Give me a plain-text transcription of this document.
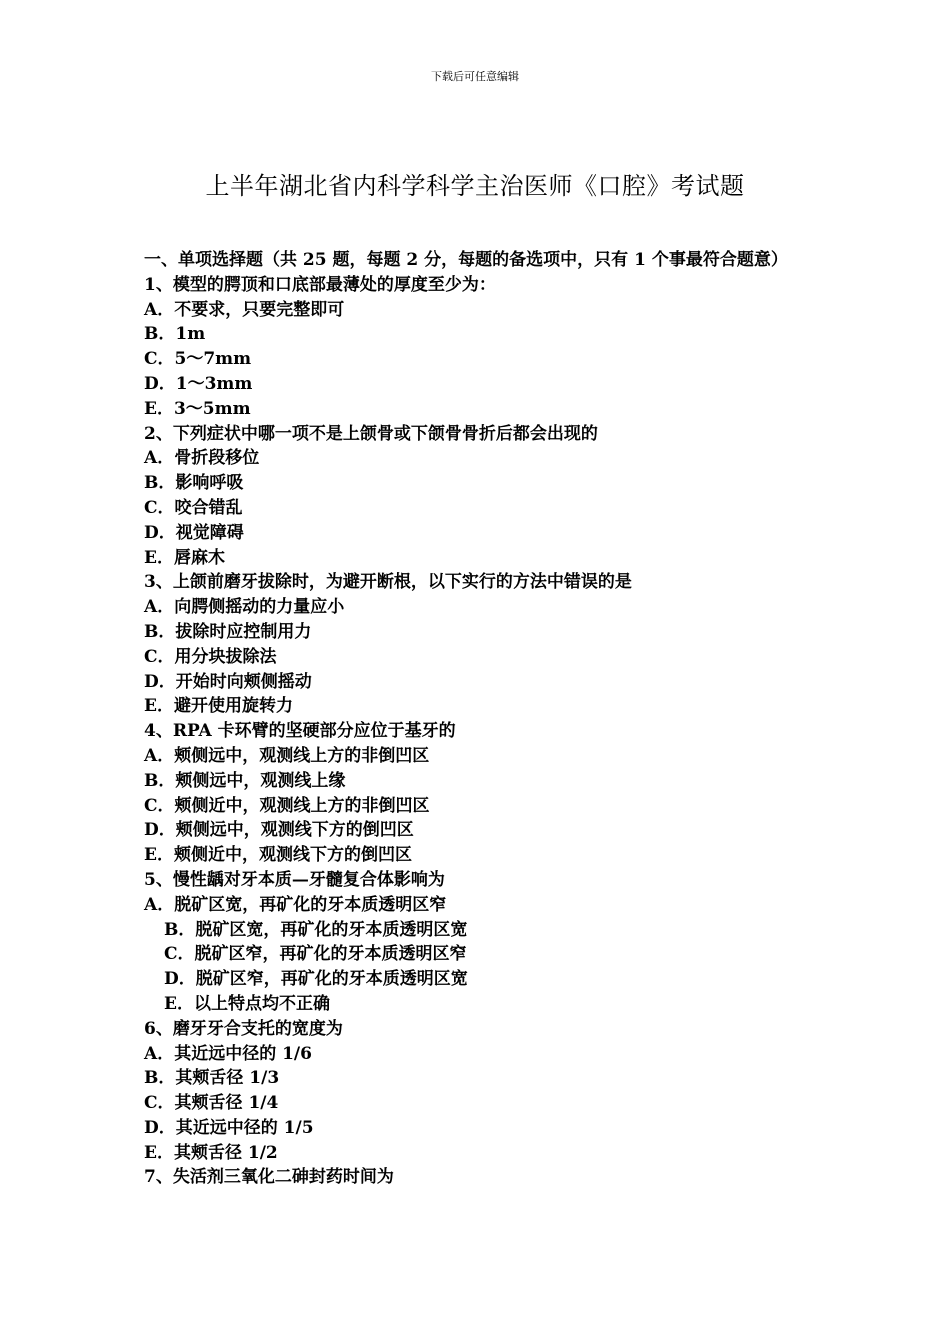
下载后可任意编辑
上半年湖北省内科学科学主治医师《口腔》考试题

一、单项选择题（共 25 题，每题 2 分，每题的备选项中，只有 1 个事最符合题意）

1、模型的腭顶和口底部最薄处的厚度至少为：

A．不要求，只要完整即可

B．1m

C．5～7mm

D．1～3mm

E．3～5mm

2、下列症状中哪一项不是上颌骨或下颌骨骨折后都会出现的

A．骨折段移位

B．影响呼吸

C．咬合错乱

D．视觉障碍

E．唇麻木

3、上颌前磨牙拔除时，为避开断根，以下实行的方法中错误的是

A．向腭侧摇动的力量应小

B．拔除时应控制用力

C．用分块拔除法

D．开始时向颊侧摇动

E．避开使用旋转力

4、RPA 卡环臂的坚硬部分应位于基牙的

A．颊侧远中，观测线上方的非倒凹区

B．颊侧远中，观测线上缘

C．颊侧近中，观测线上方的非倒凹区

D．颊侧远中，观测线下方的倒凹区

E．颊侧近中，观测线下方的倒凹区

5、慢性龋对牙本质—牙髓复合体影响为

A．脱矿区宽，再矿化的牙本质透明区窄

B．脱矿区宽，再矿化的牙本质透明区宽

C．脱矿区窄，再矿化的牙本质透明区窄

D．脱矿区窄，再矿化的牙本质透明区宽

E．以上特点均不正确

6、磨牙牙合支托的宽度为

A．其近远中径的 1/6

B．其颊舌径 1/3

C．其颊舌径 1/4

D．其近远中径的 1/5

E．其颊舌径 1/2

7、失活剂三氧化二砷封药时间为
